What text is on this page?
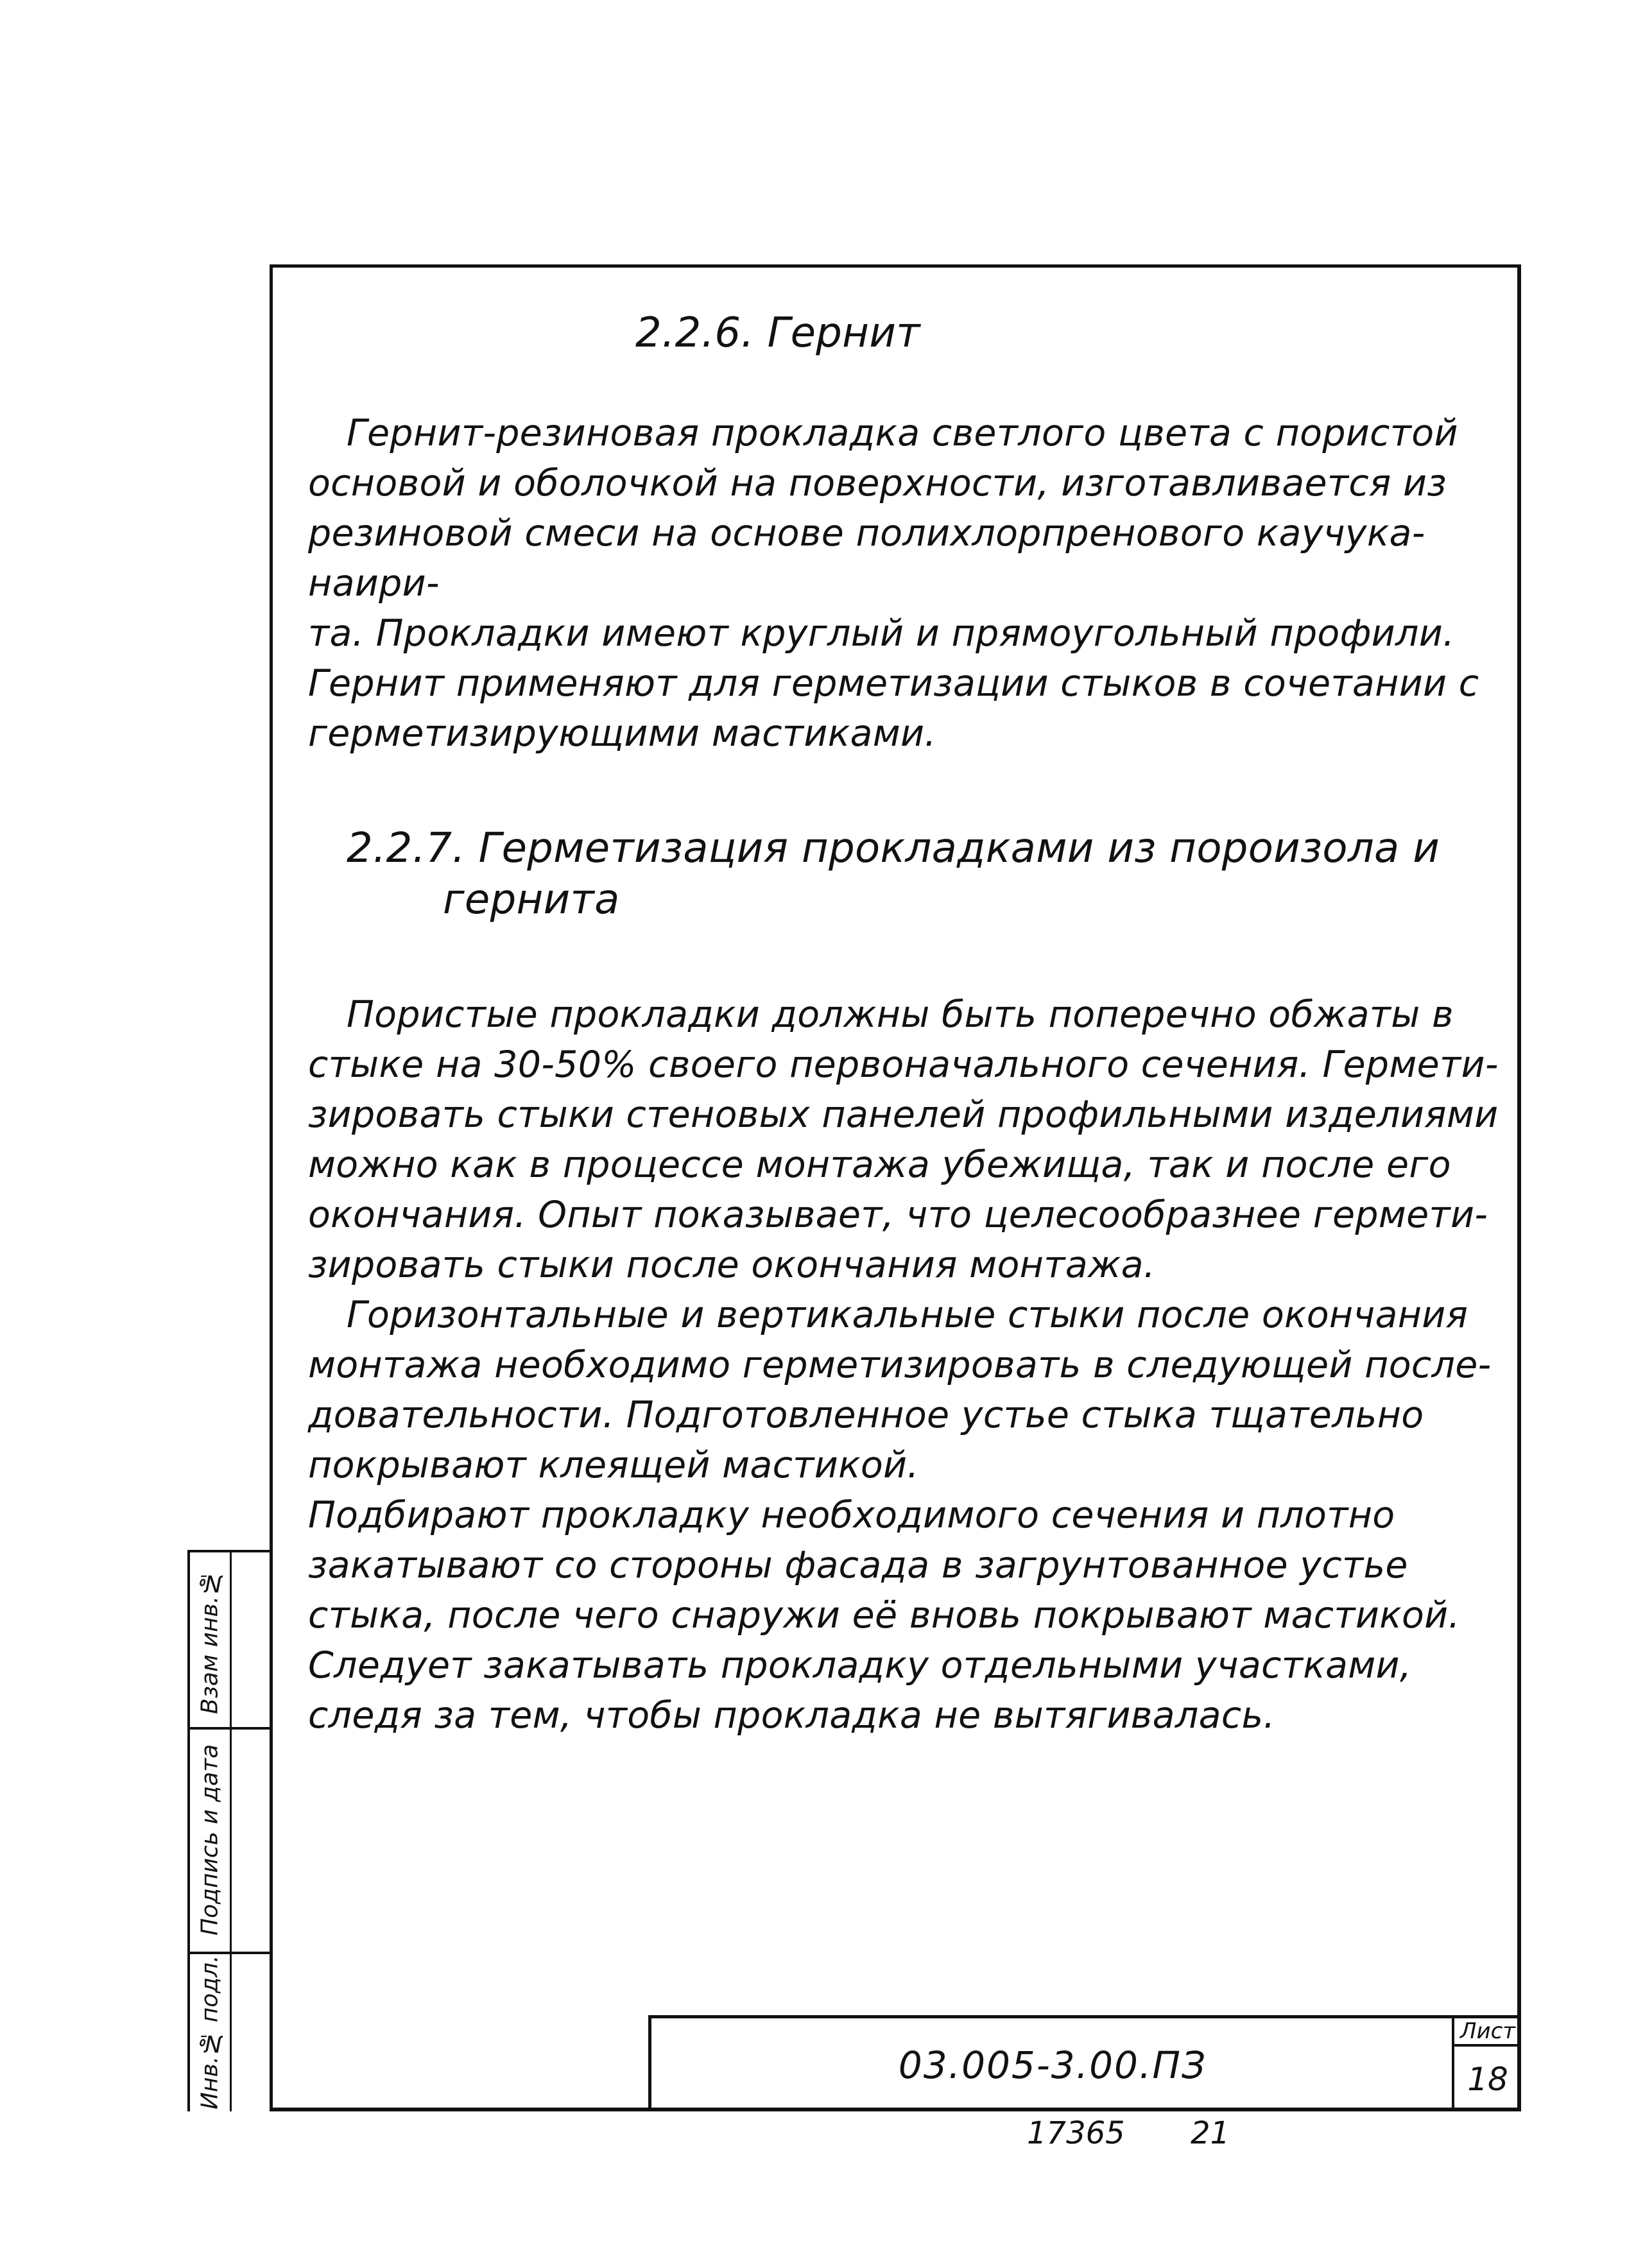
2.2.6. Гернит
Гернит-резиновая прокладка светлого цвета с пористой
основой и оболочкой на поверхности, изготавливается из
резиновой смеси на основе полихлорпренового каучука-наири-
та. Прокладки имеют круглый и прямоугольный профили.
Гернит применяют для герметизации стыков в сочетании с
герметизирующими мастиками.
2.2.7. Герметизация прокладками из пороизола и
гернита
Пористые прокладки должны быть поперечно обжаты в
стыке на 30-50% своего первоначального сечения. Гермети-
зировать стыки стеновых панелей профильными изделиями
можно как в процессе монтажа убежища, так и после его
окончания. Опыт показывает, что целесообразнее гермети-
зировать стыки после окончания монтажа.
Горизонтальные и вертикальные стыки после окончания
монтажа необходимо герметизировать в следующей после-
довательности. Подготовленное устье стыка тщательно
покрывают клеящей мастикой.
Подбирают прокладку необходимого сечения и плотно
закатывают со стороны фасада в загрунтованное устье
стыка, после чего снаружи её вновь покрывают мастикой.
Следует закатывать прокладку отдельными участками,
следя за тем, чтобы прокладка не вытягивалась.
Взам инв.№
Подпись и дата
Инв.№ подл.	03.005-3.00.ПЗ
Лист
18
17365 21
